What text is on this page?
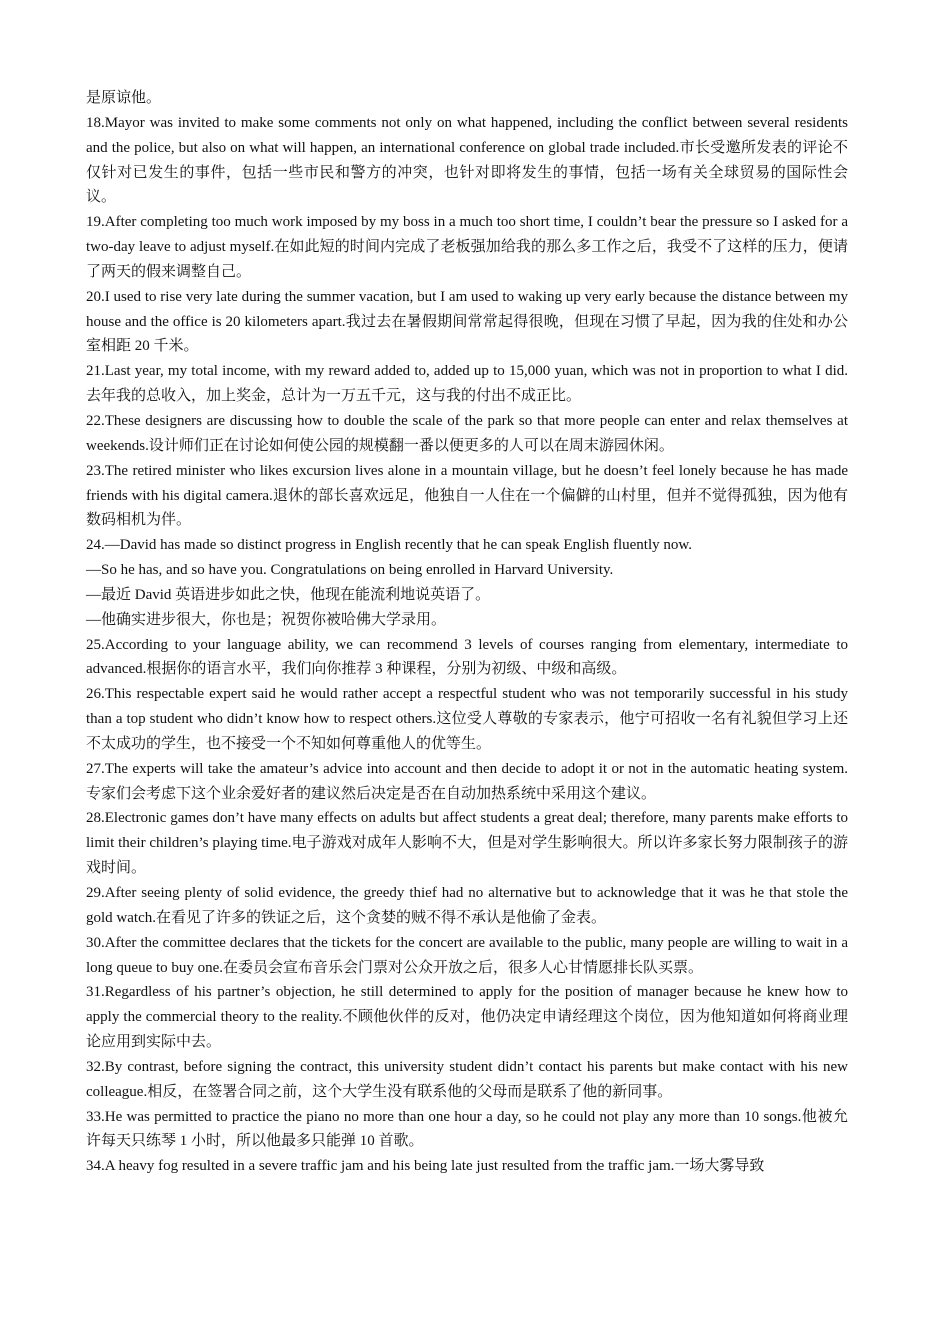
是原谅他。

18.Mayor was invited to make some comments not only on what happened, including the conflict between several residents and the police, but also on what will happen, an international conference on global trade included.市长受邀所发表的评论不仅针对已发生的事件，包括一些市民和警方的冲突，也针对即将发生的事情，包括一场有关全球贸易的国际性会议。

19.After completing too much work imposed by my boss in a much too short time, I couldn’t bear the pressure so I asked for a two-day leave to adjust myself.在如此短的时间内完成了老板强加给我的那么多工作之后，我受不了这样的压力，便请了两天的假来调整自己。

20.I used to rise very late during the summer vacation, but I am used to waking up very early because the distance between my house and the office is 20 kilometers apart.我过去在暑假期间常常起得很晚，但现在习惯了早起，因为我的住处和办公室相距 20 千米。

21.Last year, my total income, with my reward added to, added up to 15,000 yuan, which was not in proportion to what I did.去年我的总收入，加上奖金，总计为一万五千元，这与我的付出不成正比。

22.These designers are discussing how to double the scale of the park so that more people can enter and relax themselves at weekends.设计师们正在讨论如何使公园的规模翻一番以便更多的人可以在周末游园休闲。

23.The retired minister who likes excursion lives alone in a mountain village, but he doesn’t feel lonely because he has made friends with his digital camera.退休的部长喜欢远足，他独自一人住在一个偏僻的山村里，但并不觉得孤独，因为他有数码相机为伴。

24.—David has made so distinct progress in English recently that he can speak English fluently now.

—So he has, and so have you. Congratulations on being enrolled in Harvard University.

—最近 David 英语进步如此之快，他现在能流利地说英语了。

—他确实进步很大，你也是；祝贺你被哈佛大学录用。

25.According to your language ability, we can recommend 3 levels of courses ranging from elementary, intermediate to advanced.根据你的语言水平，我们向你推荐 3 种课程，分别为初级、中级和高级。

26.This respectable expert said he would rather accept a respectful student who was not temporarily successful in his study than a top student who didn’t know how to respect others.这位受人尊敬的专家表示，他宁可招收一名有礼貌但学习上还不太成功的学生，也不接受一个不知如何尊重他人的优等生。

27.The experts will take the amateur’s advice into account and then decide to adopt it or not in the automatic heating system.专家们会考虑下这个业余爱好者的建议然后决定是否在自动加热系统中采用这个建议。

28.Electronic games don’t have many effects on adults but affect students a great deal; therefore, many parents make efforts to limit their children’s playing time.电子游戏对成年人影响不大，但是对学生影响很大。所以许多家长努力限制孩子的游戏时间。

29.After seeing plenty of solid evidence, the greedy thief had no alternative but to acknowledge that it was he that stole the gold watch.在看见了许多的铁证之后，这个贪婪的贼不得不承认是他偷了金表。

30.After the committee declares that the tickets for the concert are available to the public, many people are willing to wait in a long queue to buy one.在委员会宣布音乐会门票对公众开放之后，很多人心甘情愿排长队买票。

31.Regardless of his partner’s objection, he still determined to apply for the position of manager because he knew how to apply the commercial theory to the reality.不顾他伙伴的反对，他仍决定申请经理这个岗位，因为他知道如何将商业理论应用到实际中去。

32.By contrast, before signing the contract, this university student didn’t contact his parents but make contact with his new colleague.相反，在签署合同之前，这个大学生没有联系他的父母而是联系了他的新同事。

33.He was permitted to practice the piano no more than one hour a day, so he could not play any more than 10 songs.他被允许每天只练琴 1 小时，所以他最多只能弹 10 首歌。

34.A heavy fog resulted in a severe traffic jam and his being late just resulted from the traffic jam.一场大雾导致
